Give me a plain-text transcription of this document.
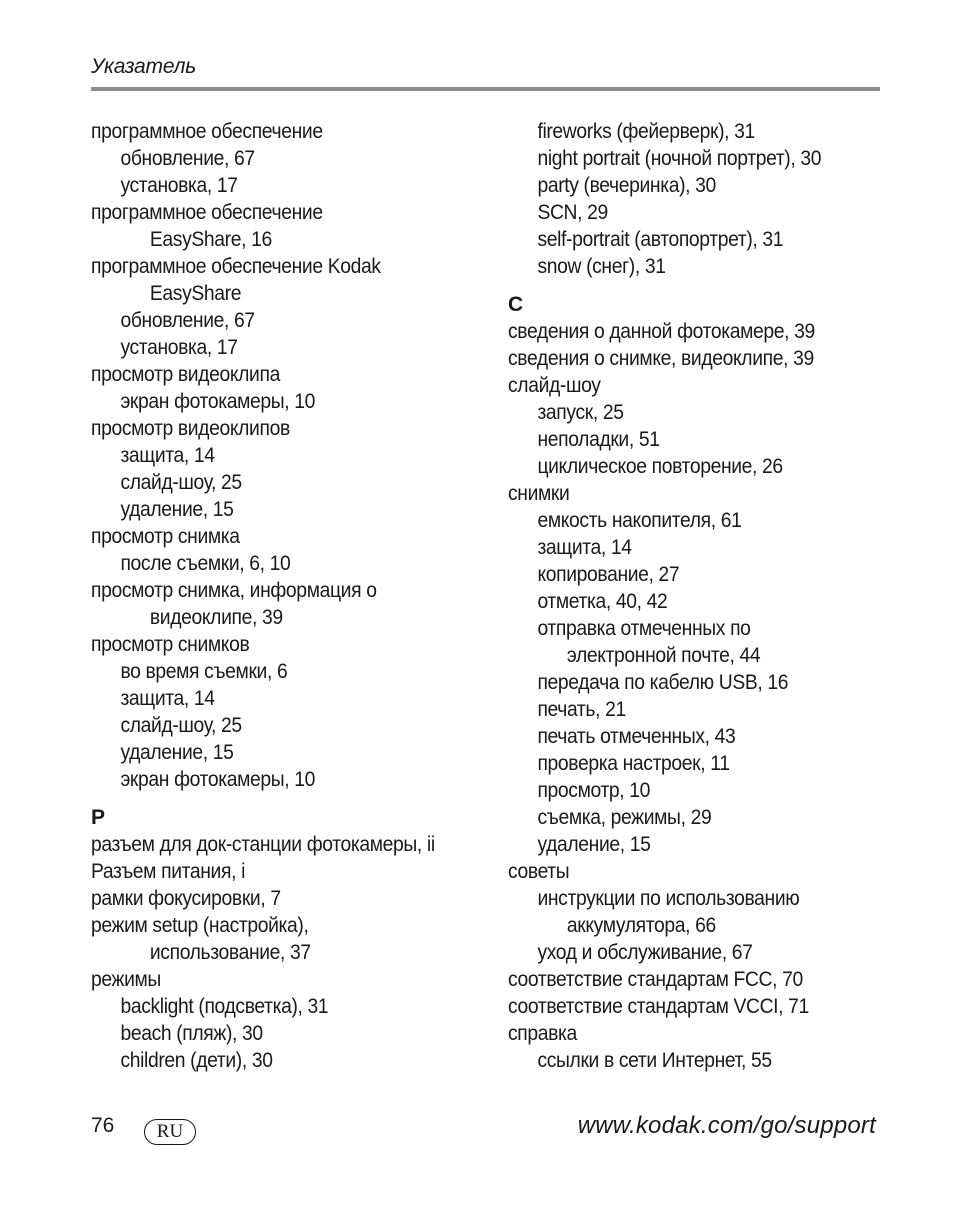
Указатель
программное обеспечение
обновление, 67
установка, 17
программное обеспечение
EasyShare, 16
программное обеспечение Kodak
EasyShare
обновление, 67
установка, 17
просмотр видеоклипа
экран фотокамеры, 10
просмотр видеоклипов
защита, 14
слайд-шоу, 25
удаление, 15
просмотр снимка
после съемки, 6, 10
просмотр снимка, информация о
видеоклипе, 39
просмотр снимков
во время съемки, 6
защита, 14
слайд-шоу, 25
удаление, 15
экран фотокамеры, 10
Р
разъем для док-станции фотокамеры, ii
Разъем питания, i
рамки фокусировки, 7
режим setup (настройка),
использование, 37
режимы
backlight (подсветка), 31
beach (пляж), 30
children (дети), 30
fireworks (фейерверк), 31
night portrait (ночной портрет), 30
party (вечеринка), 30
SCN, 29
self-portrait (автопортрет), 31
snow (снег), 31
С
сведения о данной фотокамере, 39
сведения о снимке, видеоклипе, 39
слайд-шоу
запуск, 25
неполадки, 51
циклическое повторение, 26
снимки
емкость накопителя, 61
защита, 14
копирование, 27
отметка, 40, 42
отправка отмеченных по
электронной почте, 44
передача по кабелю USB, 16
печать, 21
печать отмеченных, 43
проверка настроек, 11
просмотр, 10
съемка, режимы, 29
удаление, 15
советы
инструкции по использованию
аккумулятора, 66
уход и обслуживание, 67
соответствие стандартам FCC, 70
соответствие стандартам VCCI, 71
справка
ссылки в сети Интернет, 55
76	RU	www.kodak.com/go/support
